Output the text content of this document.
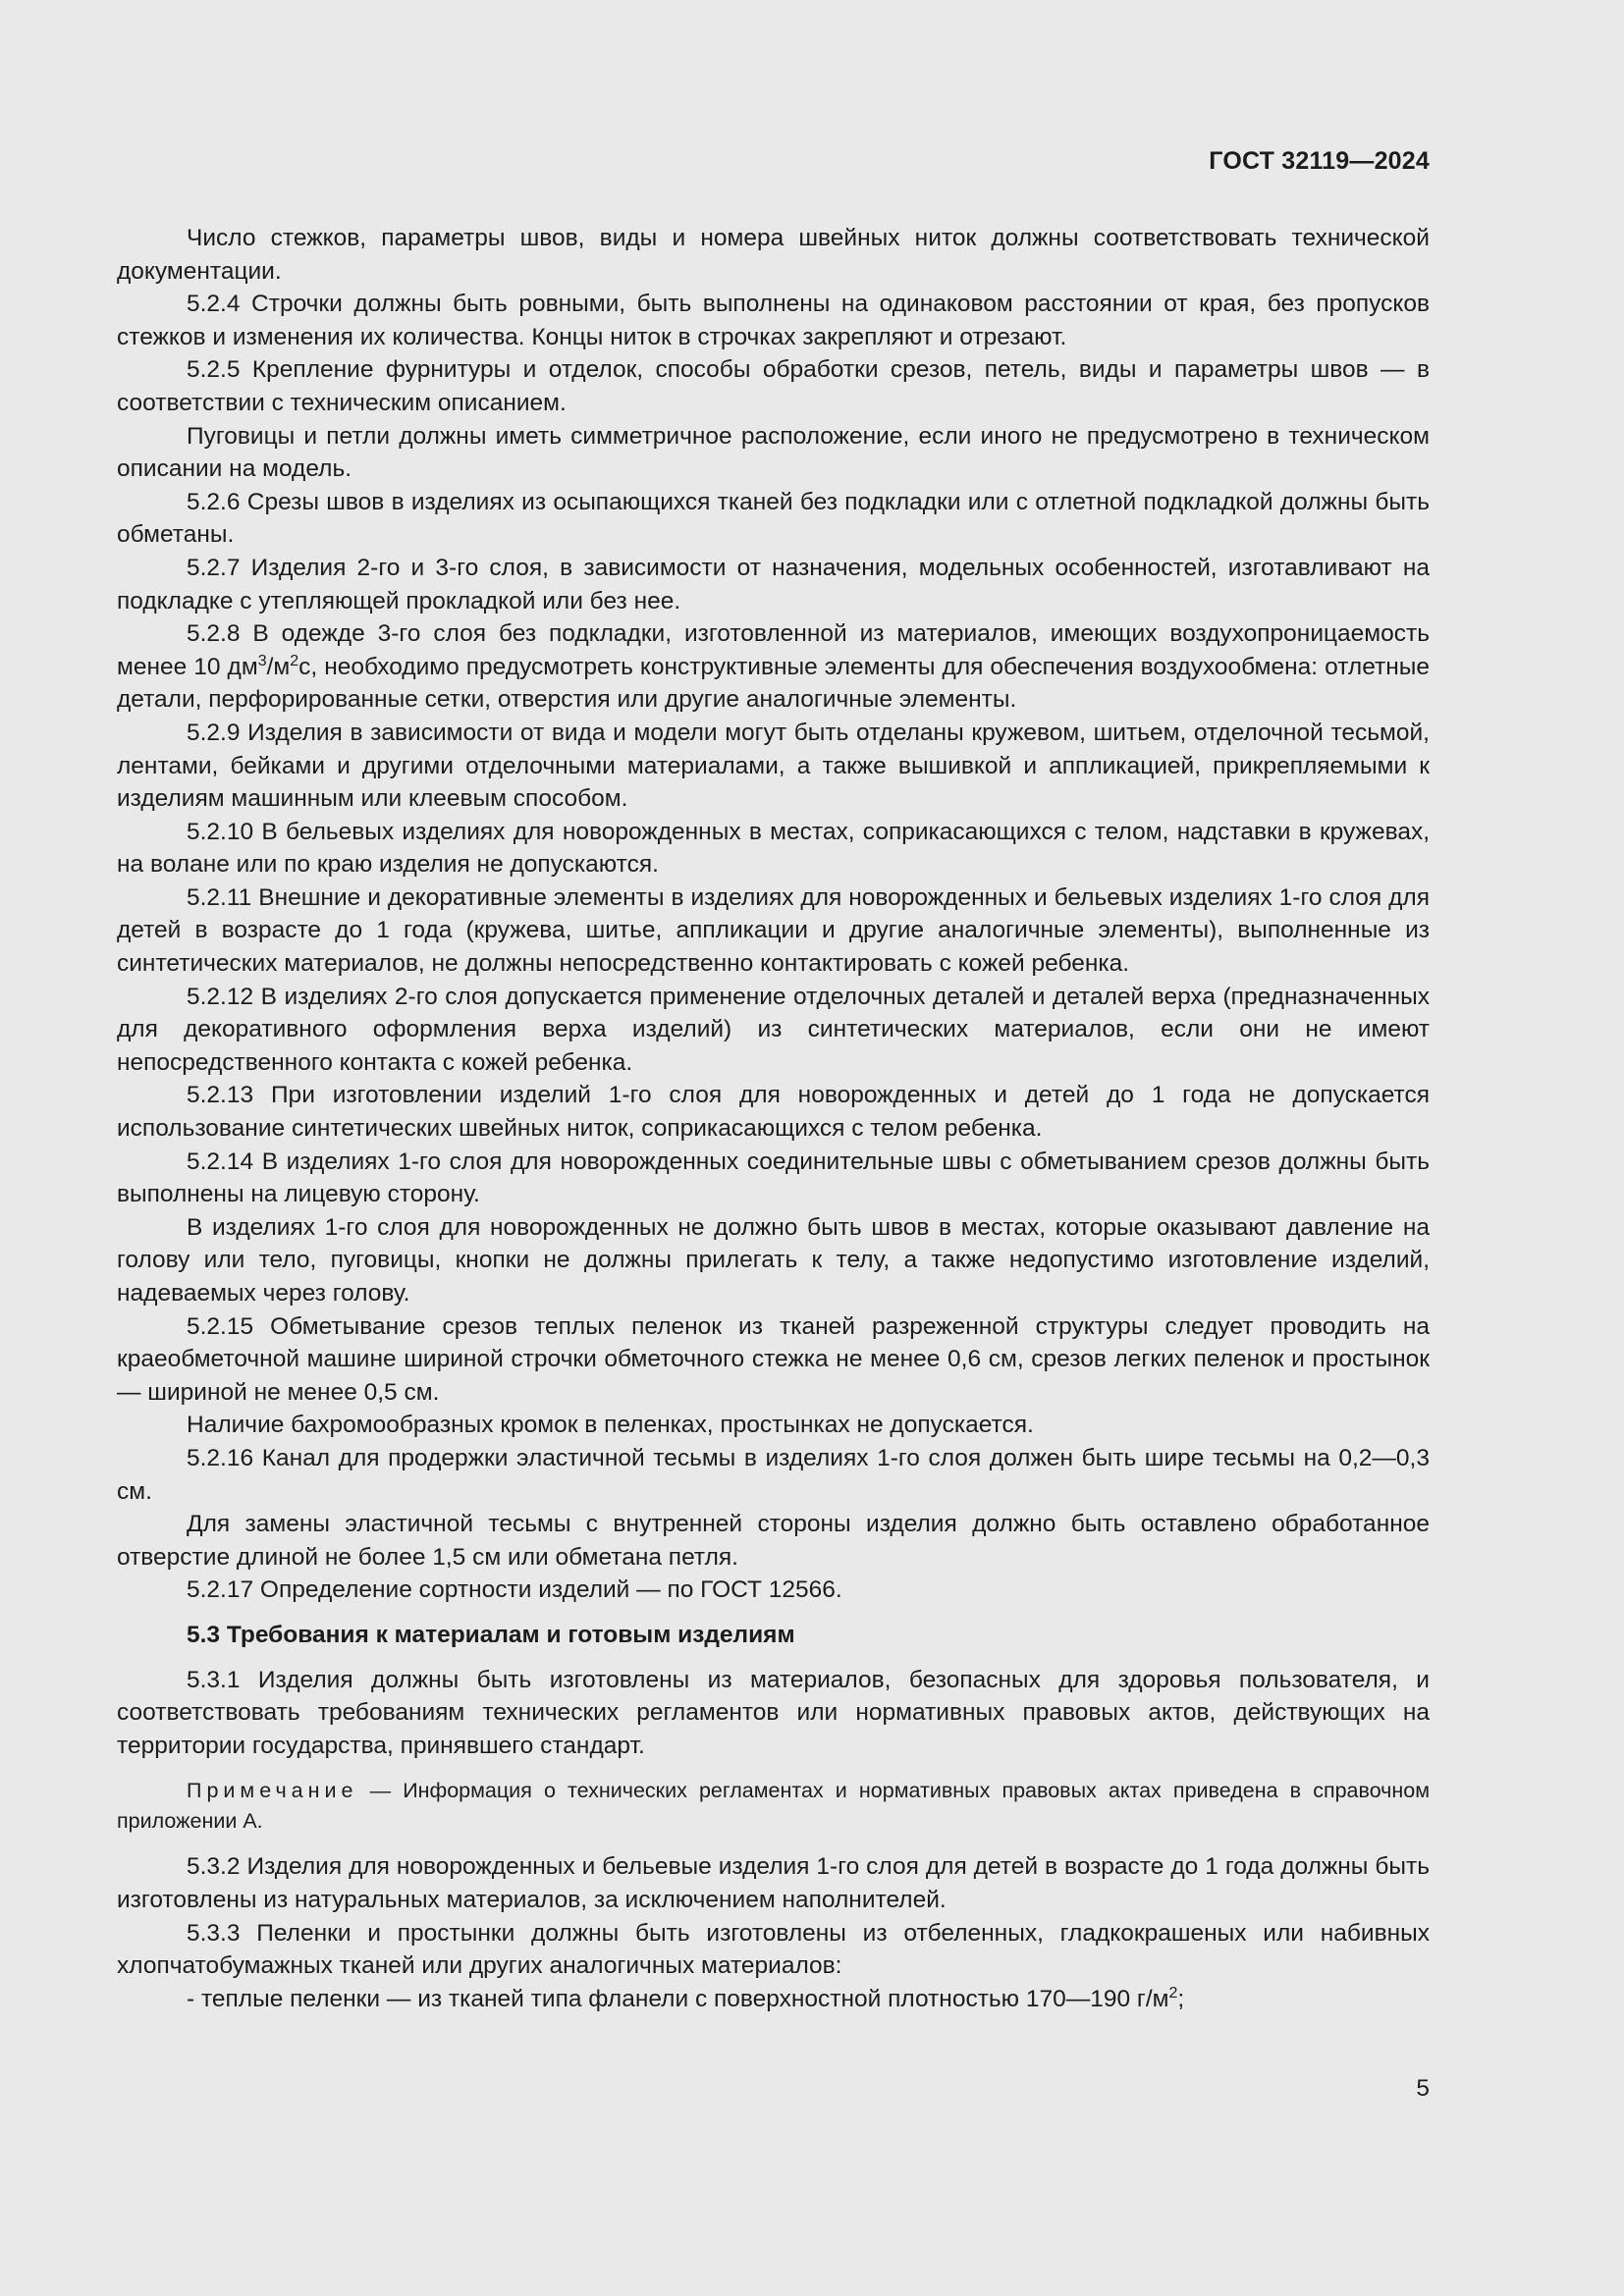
ГОСТ 32119—2024

Число стежков, параметры швов, виды и номера швейных ниток должны соответствовать технической документации.

5.2.4 Строчки должны быть ровными, быть выполнены на одинаковом расстоянии от края, без пропусков стежков и изменения их количества. Концы ниток в строчках закрепляют и отрезают.

5.2.5 Крепление фурнитуры и отделок, способы обработки срезов, петель, виды и параметры швов — в соответствии с техническим описанием.

Пуговицы и петли должны иметь симметричное расположение, если иного не предусмотрено в техническом описании на модель.

5.2.6 Срезы швов в изделиях из осыпающихся тканей без подкладки или с отлетной подкладкой должны быть обметаны.

5.2.7 Изделия 2-го и 3-го слоя, в зависимости от назначения, модельных особенностей, изготавливают на подкладке с утепляющей прокладкой или без нее.

5.2.8 В одежде 3-го слоя без подкладки, изготовленной из материалов, имеющих воздухопроницаемость менее 10 $дм^3/м^2с$, необходимо предусмотреть конструктивные элементы для обеспечения воздухообмена: отлетные детали, перфорированные сетки, отверстия или другие аналогичные элементы.

5.2.9 Изделия в зависимости от вида и модели могут быть отделаны кружевом, шитьем, отделочной тесьмой, лентами, бейками и другими отделочными материалами, а также вышивкой и аппликацией, прикрепляемыми к изделиям машинным или клеевым способом.

5.2.10 В бельевых изделиях для новорожденных в местах, соприкасающихся с телом, надставки в кружевах, на волане или по краю изделия не допускаются.

5.2.11 Внешние и декоративные элементы в изделиях для новорожденных и бельевых изделиях 1-го слоя для детей в возрасте до 1 года (кружева, шитье, аппликации и другие аналогичные элементы), выполненные из синтетических материалов, не должны непосредственно контактировать с кожей ребенка.

5.2.12 В изделиях 2-го слоя допускается применение отделочных деталей и деталей верха (предназначенных для декоративного оформления верха изделий) из синтетических материалов, если они не имеют непосредственного контакта с кожей ребенка.

5.2.13 При изготовлении изделий 1-го слоя для новорожденных и детей до 1 года не допускается использование синтетических швейных ниток, соприкасающихся с телом ребенка.

5.2.14 В изделиях 1-го слоя для новорожденных соединительные швы с обметыванием срезов должны быть выполнены на лицевую сторону.

В изделиях 1-го слоя для новорожденных не должно быть швов в местах, которые оказывают давление на голову или тело, пуговицы, кнопки не должны прилегать к телу, а также недопустимо изготовление изделий, надеваемых через голову.

5.2.15 Обметывание срезов теплых пеленок из тканей разреженной структуры следует проводить на краеобметочной машине шириной строчки обметочного стежка не менее 0,6 см, срезов легких пеленок и простынок — шириной не менее 0,5 см.

Наличие бахромообразных кромок в пеленках, простынках не допускается.

5.2.16 Канал для продержки эластичной тесьмы в изделиях 1-го слоя должен быть шире тесьмы на 0,2—0,3 см.

Для замены эластичной тесьмы с внутренней стороны изделия должно быть оставлено обработанное отверстие длиной не более 1,5 см или обметана петля.

5.2.17 Определение сортности изделий — по ГОСТ 12566.

5.3 Требования к материалам и готовым изделиям

5.3.1 Изделия должны быть изготовлены из материалов, безопасных для здоровья пользователя, и соответствовать требованиям технических регламентов или нормативных правовых актов, действующих на территории государства, принявшего стандарт.

Примечание — Информация о технических регламентах и нормативных правовых актах приведена в справочном приложении А.

5.3.2 Изделия для новорожденных и бельевые изделия 1-го слоя для детей в возрасте до 1 года должны быть изготовлены из натуральных материалов, за исключением наполнителей.

5.3.3 Пеленки и простынки должны быть изготовлены из отбеленных, гладкокрашеных или набивных хлопчатобумажных тканей или других аналогичных материалов:

- теплые пеленки — из тканей типа фланели с поверхностной плотностью 170—190 $г/м^2$;

5
